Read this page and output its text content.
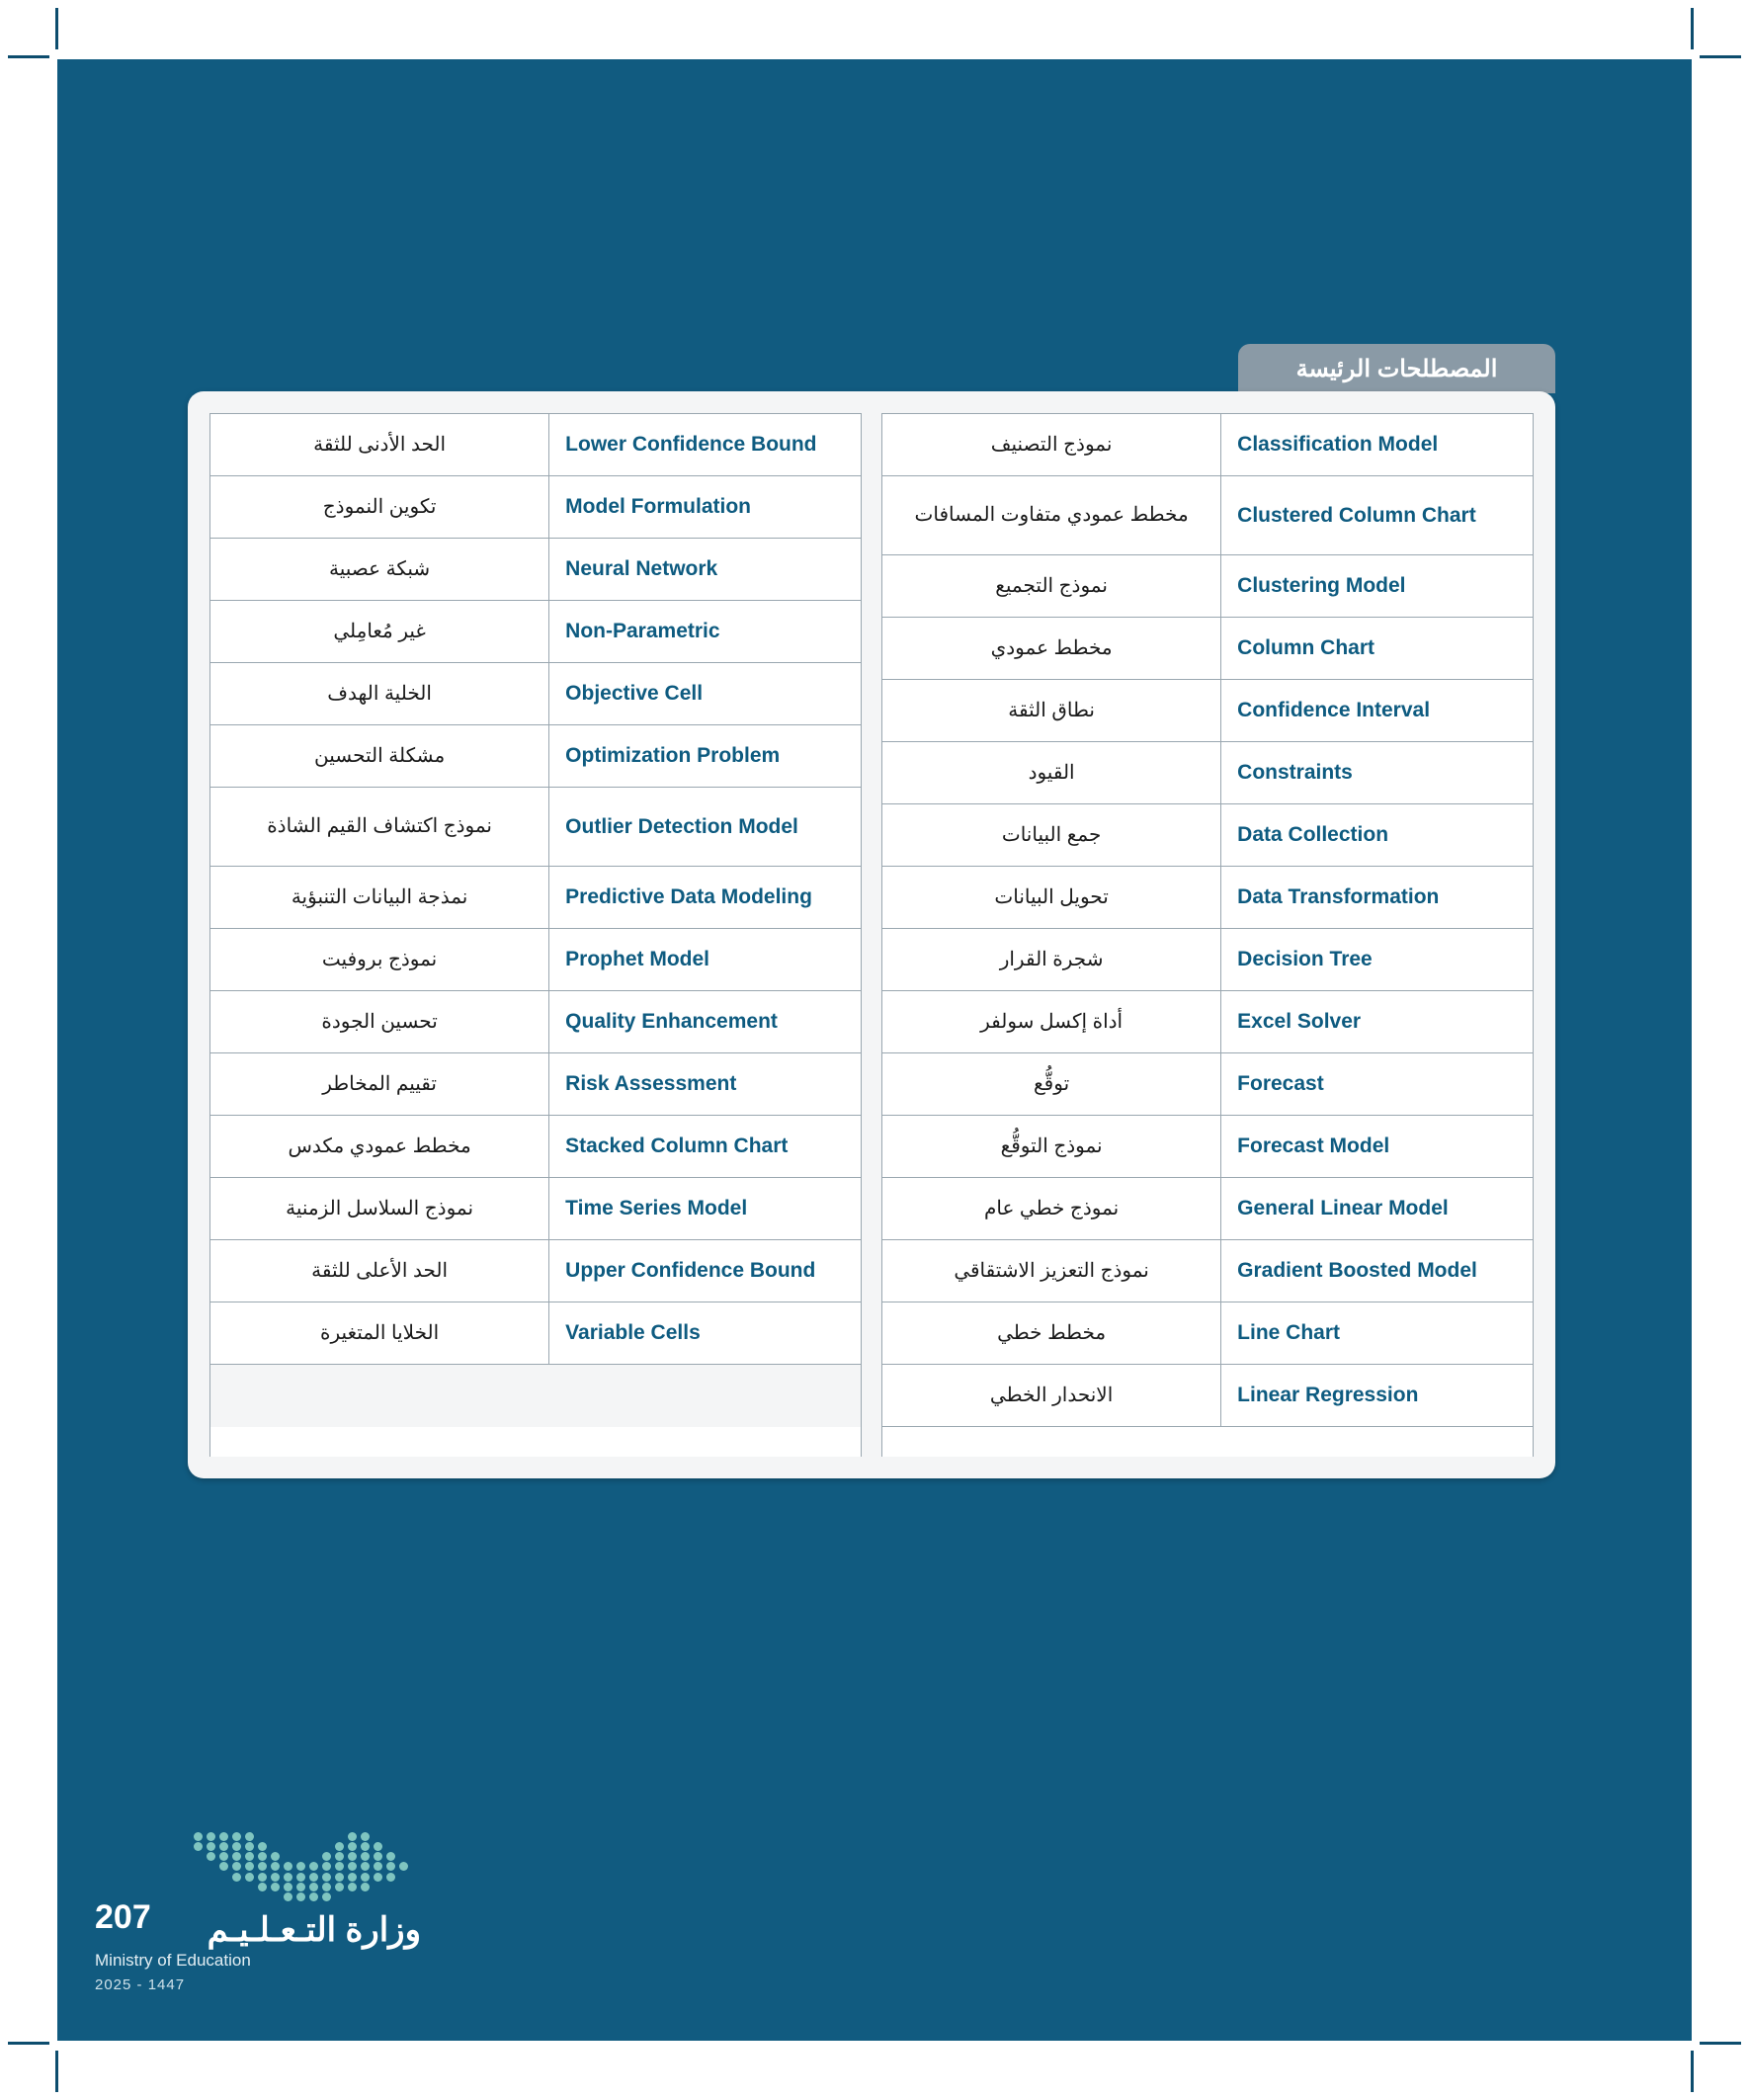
المصطلحات الرئيسة
Lower Confidence Bound
الحد الأدنى للثقة
Model Formulation
تكوين النموذج
Neural Network
شبكة عصبية
Non-Parametric
غير مُعامِلي
Objective Cell
الخلية الهدف
Optimization Problem
مشكلة التحسين
Outlier Detection Model
نموذج اكتشاف القيم الشاذة
Predictive Data Modeling
نمذجة البيانات التنبؤية
Prophet Model
نموذج بروفيت
Quality Enhancement
تحسين الجودة
Risk Assessment
تقييم المخاطر
Stacked Column Chart
مخطط عمودي مكدس
Time Series Model
نموذج السلاسل الزمنية
Upper Confidence Bound
الحد الأعلى للثقة
Variable Cells
الخلايا المتغيرة
Classification Model
نموذج التصنيف
Clustered Column Chart
مخطط عمودي متفاوت المسافات
Clustering Model
نموذج التجميع
Column Chart
مخطط عمودي
Confidence Interval
نطاق الثقة
Constraints
القيود
Data Collection
جمع البيانات
Data Transformation
تحويل البيانات
Decision Tree
شجرة القرار
Excel Solver
أداة إكسل سولفر
Forecast
توقُّع
Forecast Model
نموذج التوقُّع
General Linear Model
نموذج خطي عام
Gradient Boosted Model
نموذج التعزيز الاشتقاقي
Line Chart
مخطط خطي
Linear Regression
الانحدار الخطي
207	وزارة التـعـلـيـم
Ministry of Education
2025 - 1447
